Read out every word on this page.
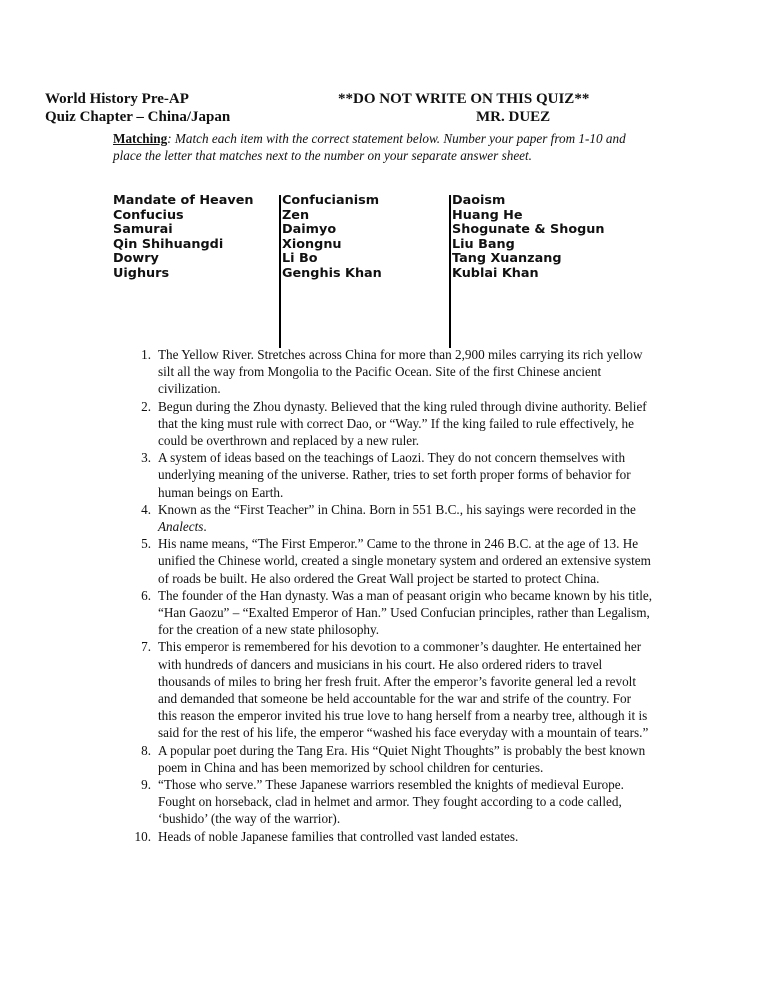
World History Pre-AP	**DO NOT WRITE ON THIS QUIZ**
Quiz Chapter – China/Japan	MR. DUEZ
Matching: Match each item with the correct statement below. Number your paper from 1-10 and place the letter that matches next to the number on your separate answer sheet.
Mandate of Heaven
Confucius
Samurai
Qin Shihuangdi
Dowry
Uighurs
Confucianism
Zen
Daimyo
Xiongnu
Li Bo
Genghis Khan
Daoism
Huang He
Shogunate & Shogun
Liu Bang
Tang Xuanzang
Kublai Khan
1. The Yellow River. Stretches across China for more than 2,900 miles carrying its rich yellow silt all the way from Mongolia to the Pacific Ocean. Site of the first Chinese ancient civilization.
2. Begun during the Zhou dynasty. Believed that the king ruled through divine authority. Belief that the king must rule with correct Dao, or “Way.” If the king failed to rule effectively, he could be overthrown and replaced by a new ruler.
3. A system of ideas based on the teachings of Laozi. They do not concern themselves with underlying meaning of the universe. Rather, tries to set forth proper forms of behavior for human beings on Earth.
4. Known as the “First Teacher” in China. Born in 551 B.C., his sayings were recorded in the Analects.
5. His name means, “The First Emperor.” Came to the throne in 246 B.C. at the age of 13. He unified the Chinese world, created a single monetary system and ordered an extensive system of roads be built. He also ordered the Great Wall project be started to protect China.
6. The founder of the Han dynasty. Was a man of peasant origin who became known by his title, “Han Gaozu” – “Exalted Emperor of Han.” Used Confucian principles, rather than Legalism, for the creation of a new state philosophy.
7. This emperor is remembered for his devotion to a commoner’s daughter. He entertained her with hundreds of dancers and musicians in his court. He also ordered riders to travel thousands of miles to bring her fresh fruit. After the emperor’s favorite general led a revolt and demanded that someone be held accountable for the war and strife of the country. For this reason the emperor invited his true love to hang herself from a nearby tree, although it is said for the rest of his life, the emperor “washed his face everyday with a mountain of tears.”
8. A popular poet during the Tang Era. His “Quiet Night Thoughts” is probably the best known poem in China and has been memorized by school children for centuries.
9. “Those who serve.” These Japanese warriors resembled the knights of medieval Europe. Fought on horseback, clad in helmet and armor. They fought according to a code called, ‘bushido’ (the way of the warrior).
10. Heads of noble Japanese families that controlled vast landed estates.
